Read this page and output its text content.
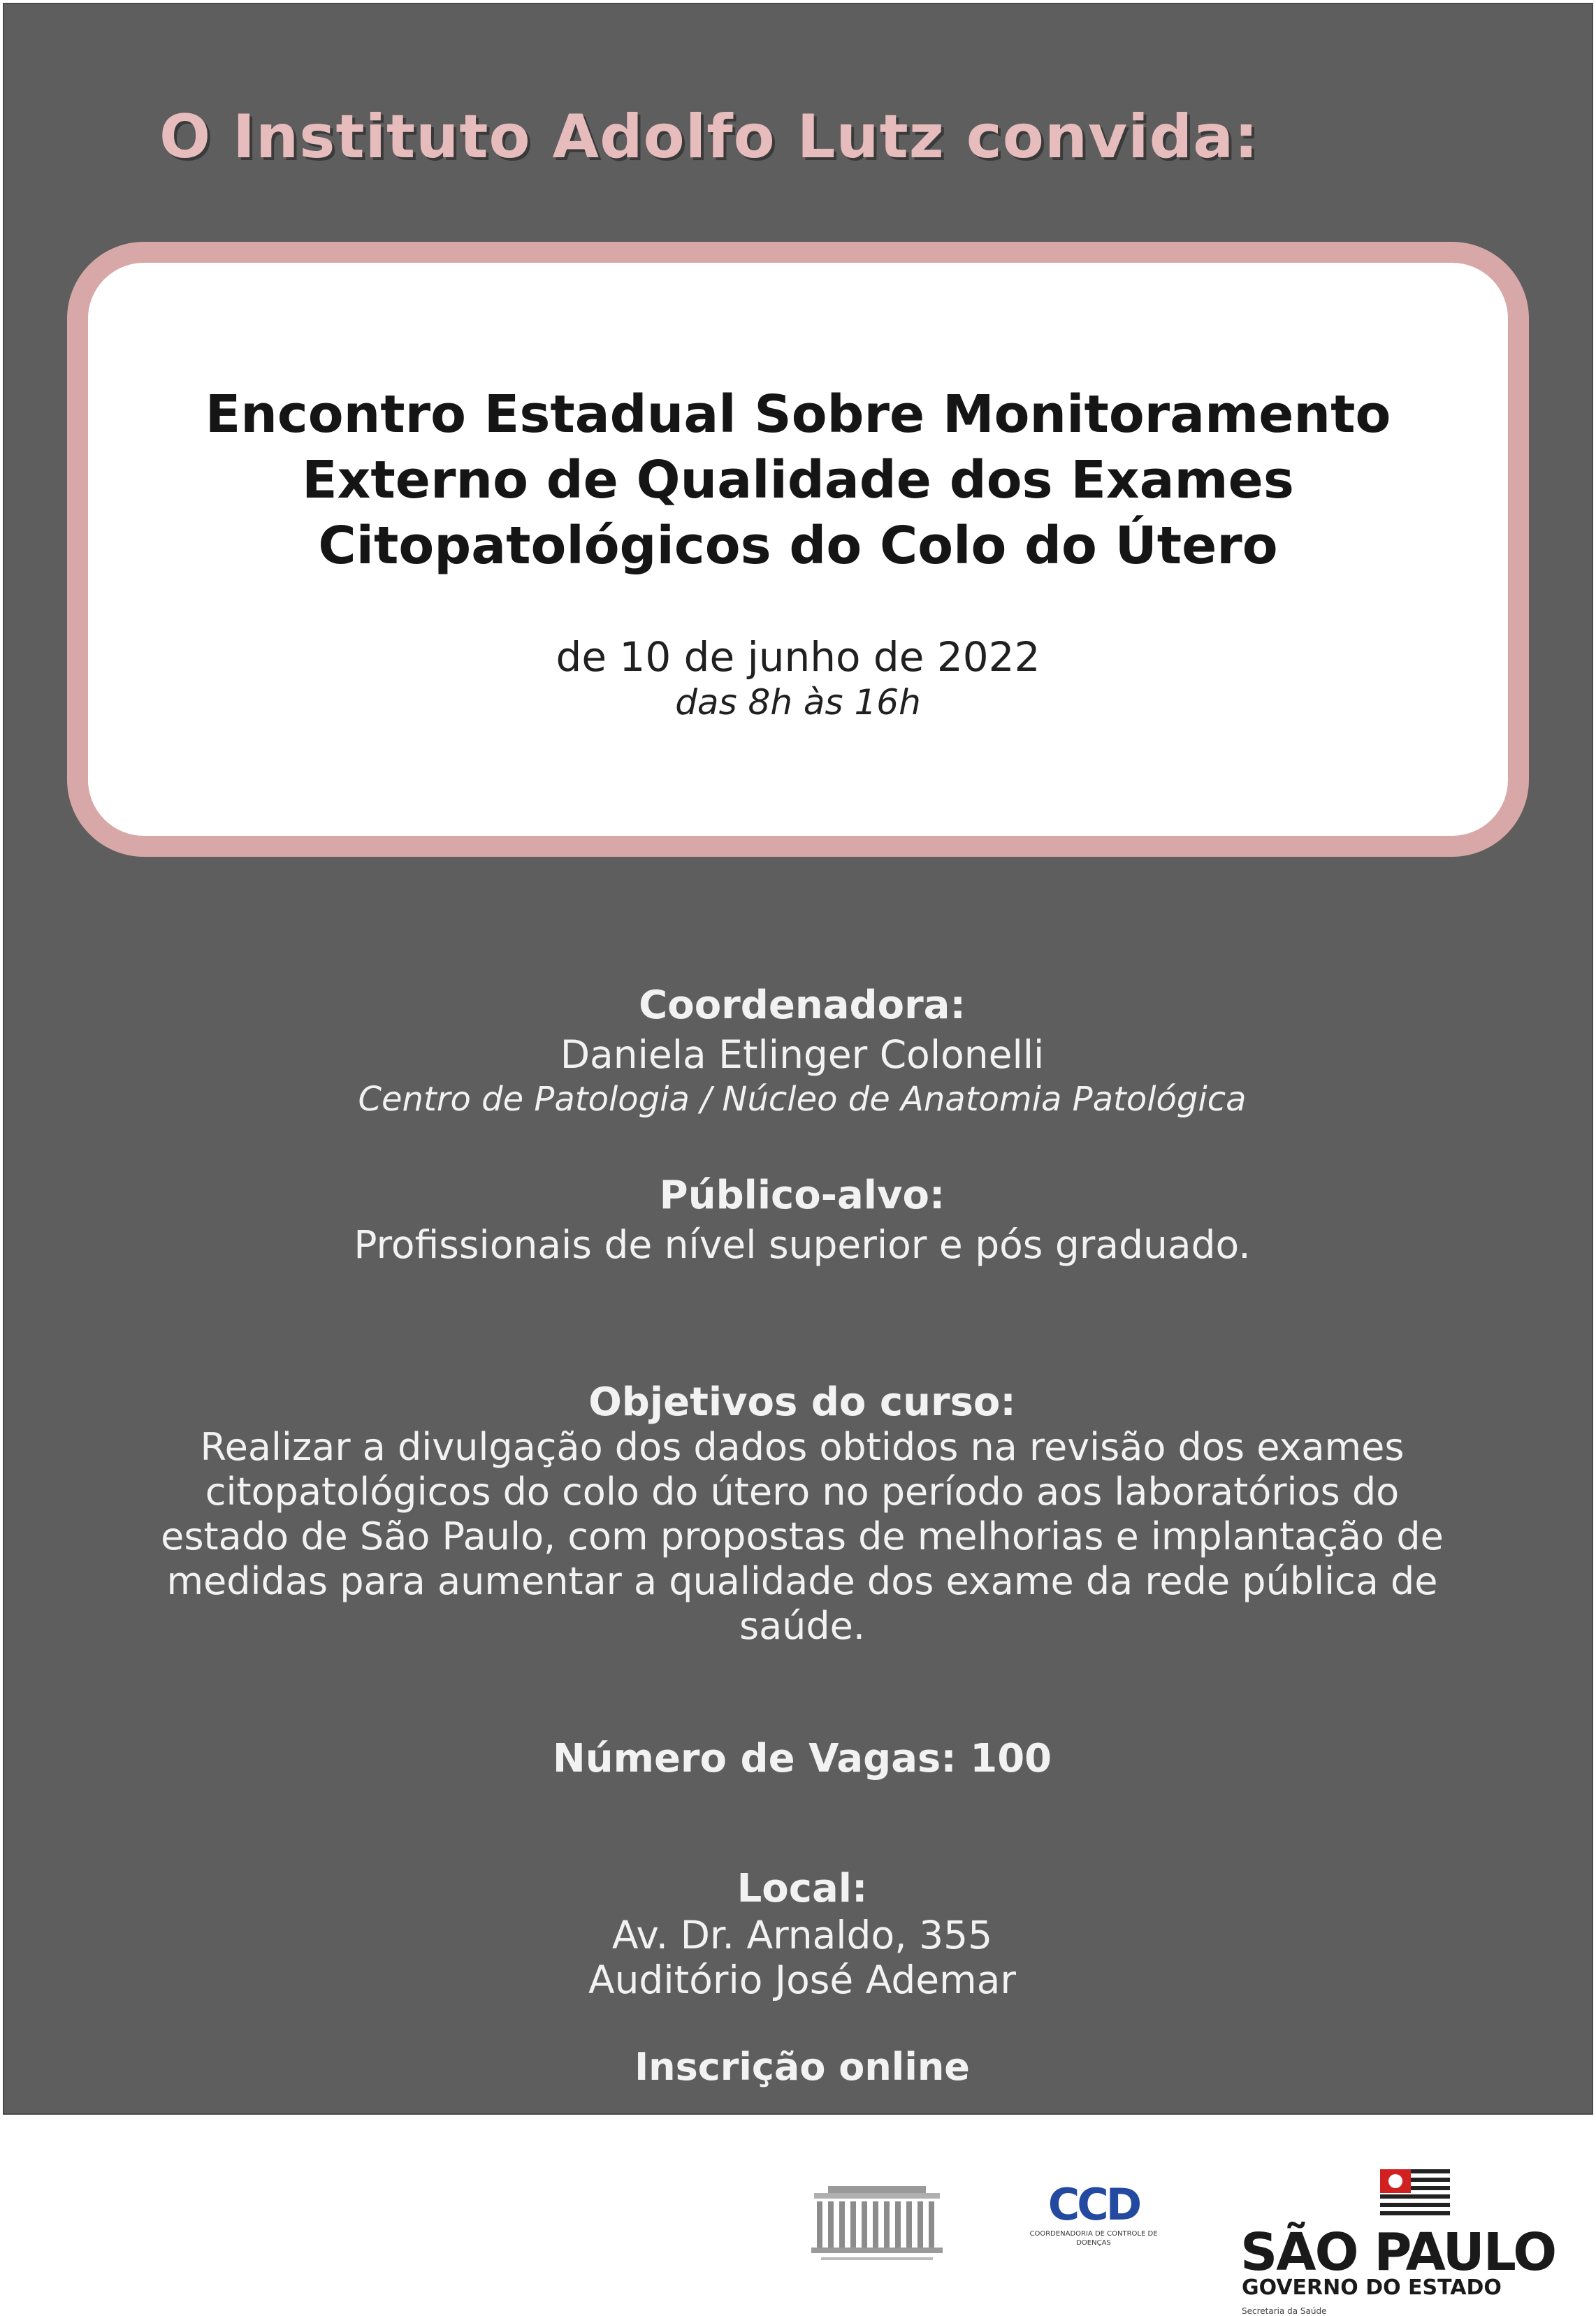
O Instituto Adolfo Lutz convida:
Encontro Estadual Sobre Monitoramento
Externo de Qualidade dos Exames
Citopatológicos do Colo do Útero
de 10 de junho de 2022
das 8h às 16h
Coordenadora:
Daniela Etlinger Colonelli
Centro de Patologia / Núcleo de Anatomia Patológica
Público-alvo:
Profissionais de nível superior e pós graduado.
Objetivos do curso:
Realizar a divulgação dos dados obtidos na revisão dos exames
citopatológicos do colo do útero no período aos laboratórios do
estado de São Paulo, com propostas de melhorias e implantação de
medidas para aumentar a qualidade dos exame da rede pública de
saúde.
Número de Vagas: 100
Local:
Av. Dr. Arnaldo, 355
Auditório José Ademar
Inscrição online
CCD
COORDENADORIA DE CONTROLE DE DOENÇAS	SÃO PAULO
GOVERNO DO ESTADO
Secretaria da Saúde
